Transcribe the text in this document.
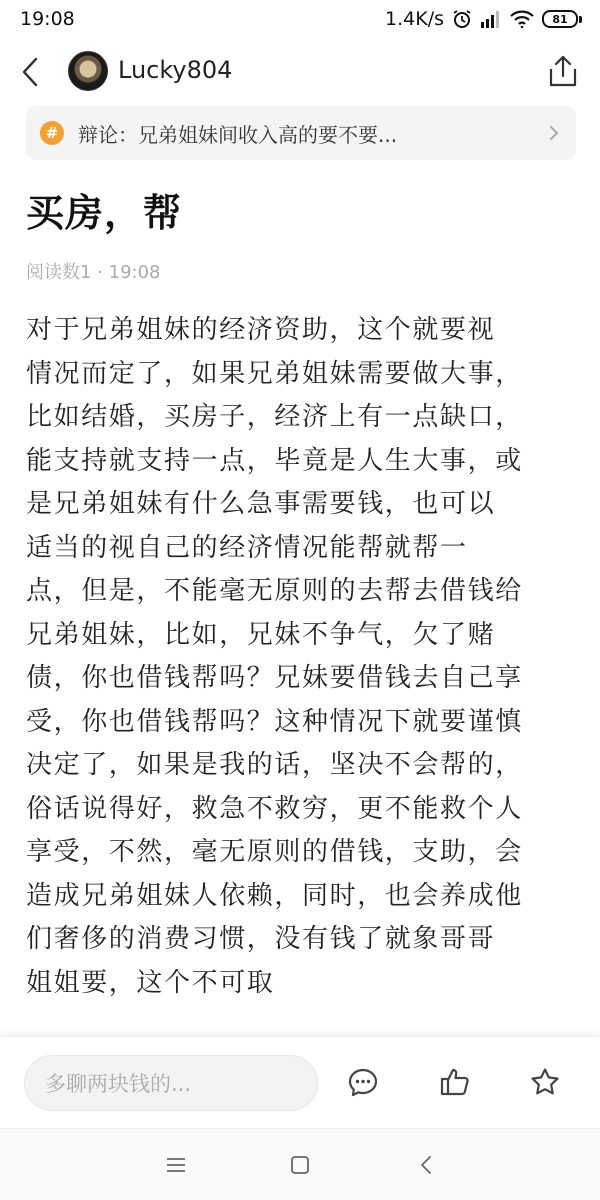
19:08	1.4K/s	81
Lucky804
# 辩论：兄弟姐妹间收入高的要不要...
买房，帮
阅读数1 · 19:08
对于兄弟姐妹的经济资助，这个就要视
情况而定了，如果兄弟姐妹需要做大事，
比如结婚，买房子，经济上有一点缺口，
能支持就支持一点，毕竟是人生大事，或
是兄弟姐妹有什么急事需要钱，也可以
适当的视自己的经济情况能帮就帮一
点，但是，不能毫无原则的去帮去借钱给
兄弟姐妹，比如，兄妹不争气，欠了赌
债，你也借钱帮吗？兄妹要借钱去自己享
受，你也借钱帮吗？这种情况下就要谨慎
决定了，如果是我的话，坚决不会帮的，
俗话说得好，救急不救穷，更不能救个人
享受，不然，毫无原则的借钱，支助，会
造成兄弟姐妹人依赖，同时，也会养成他
们奢侈的消费习惯，没有钱了就象哥哥
姐姐要，这个不可取
多聊两块钱的...
